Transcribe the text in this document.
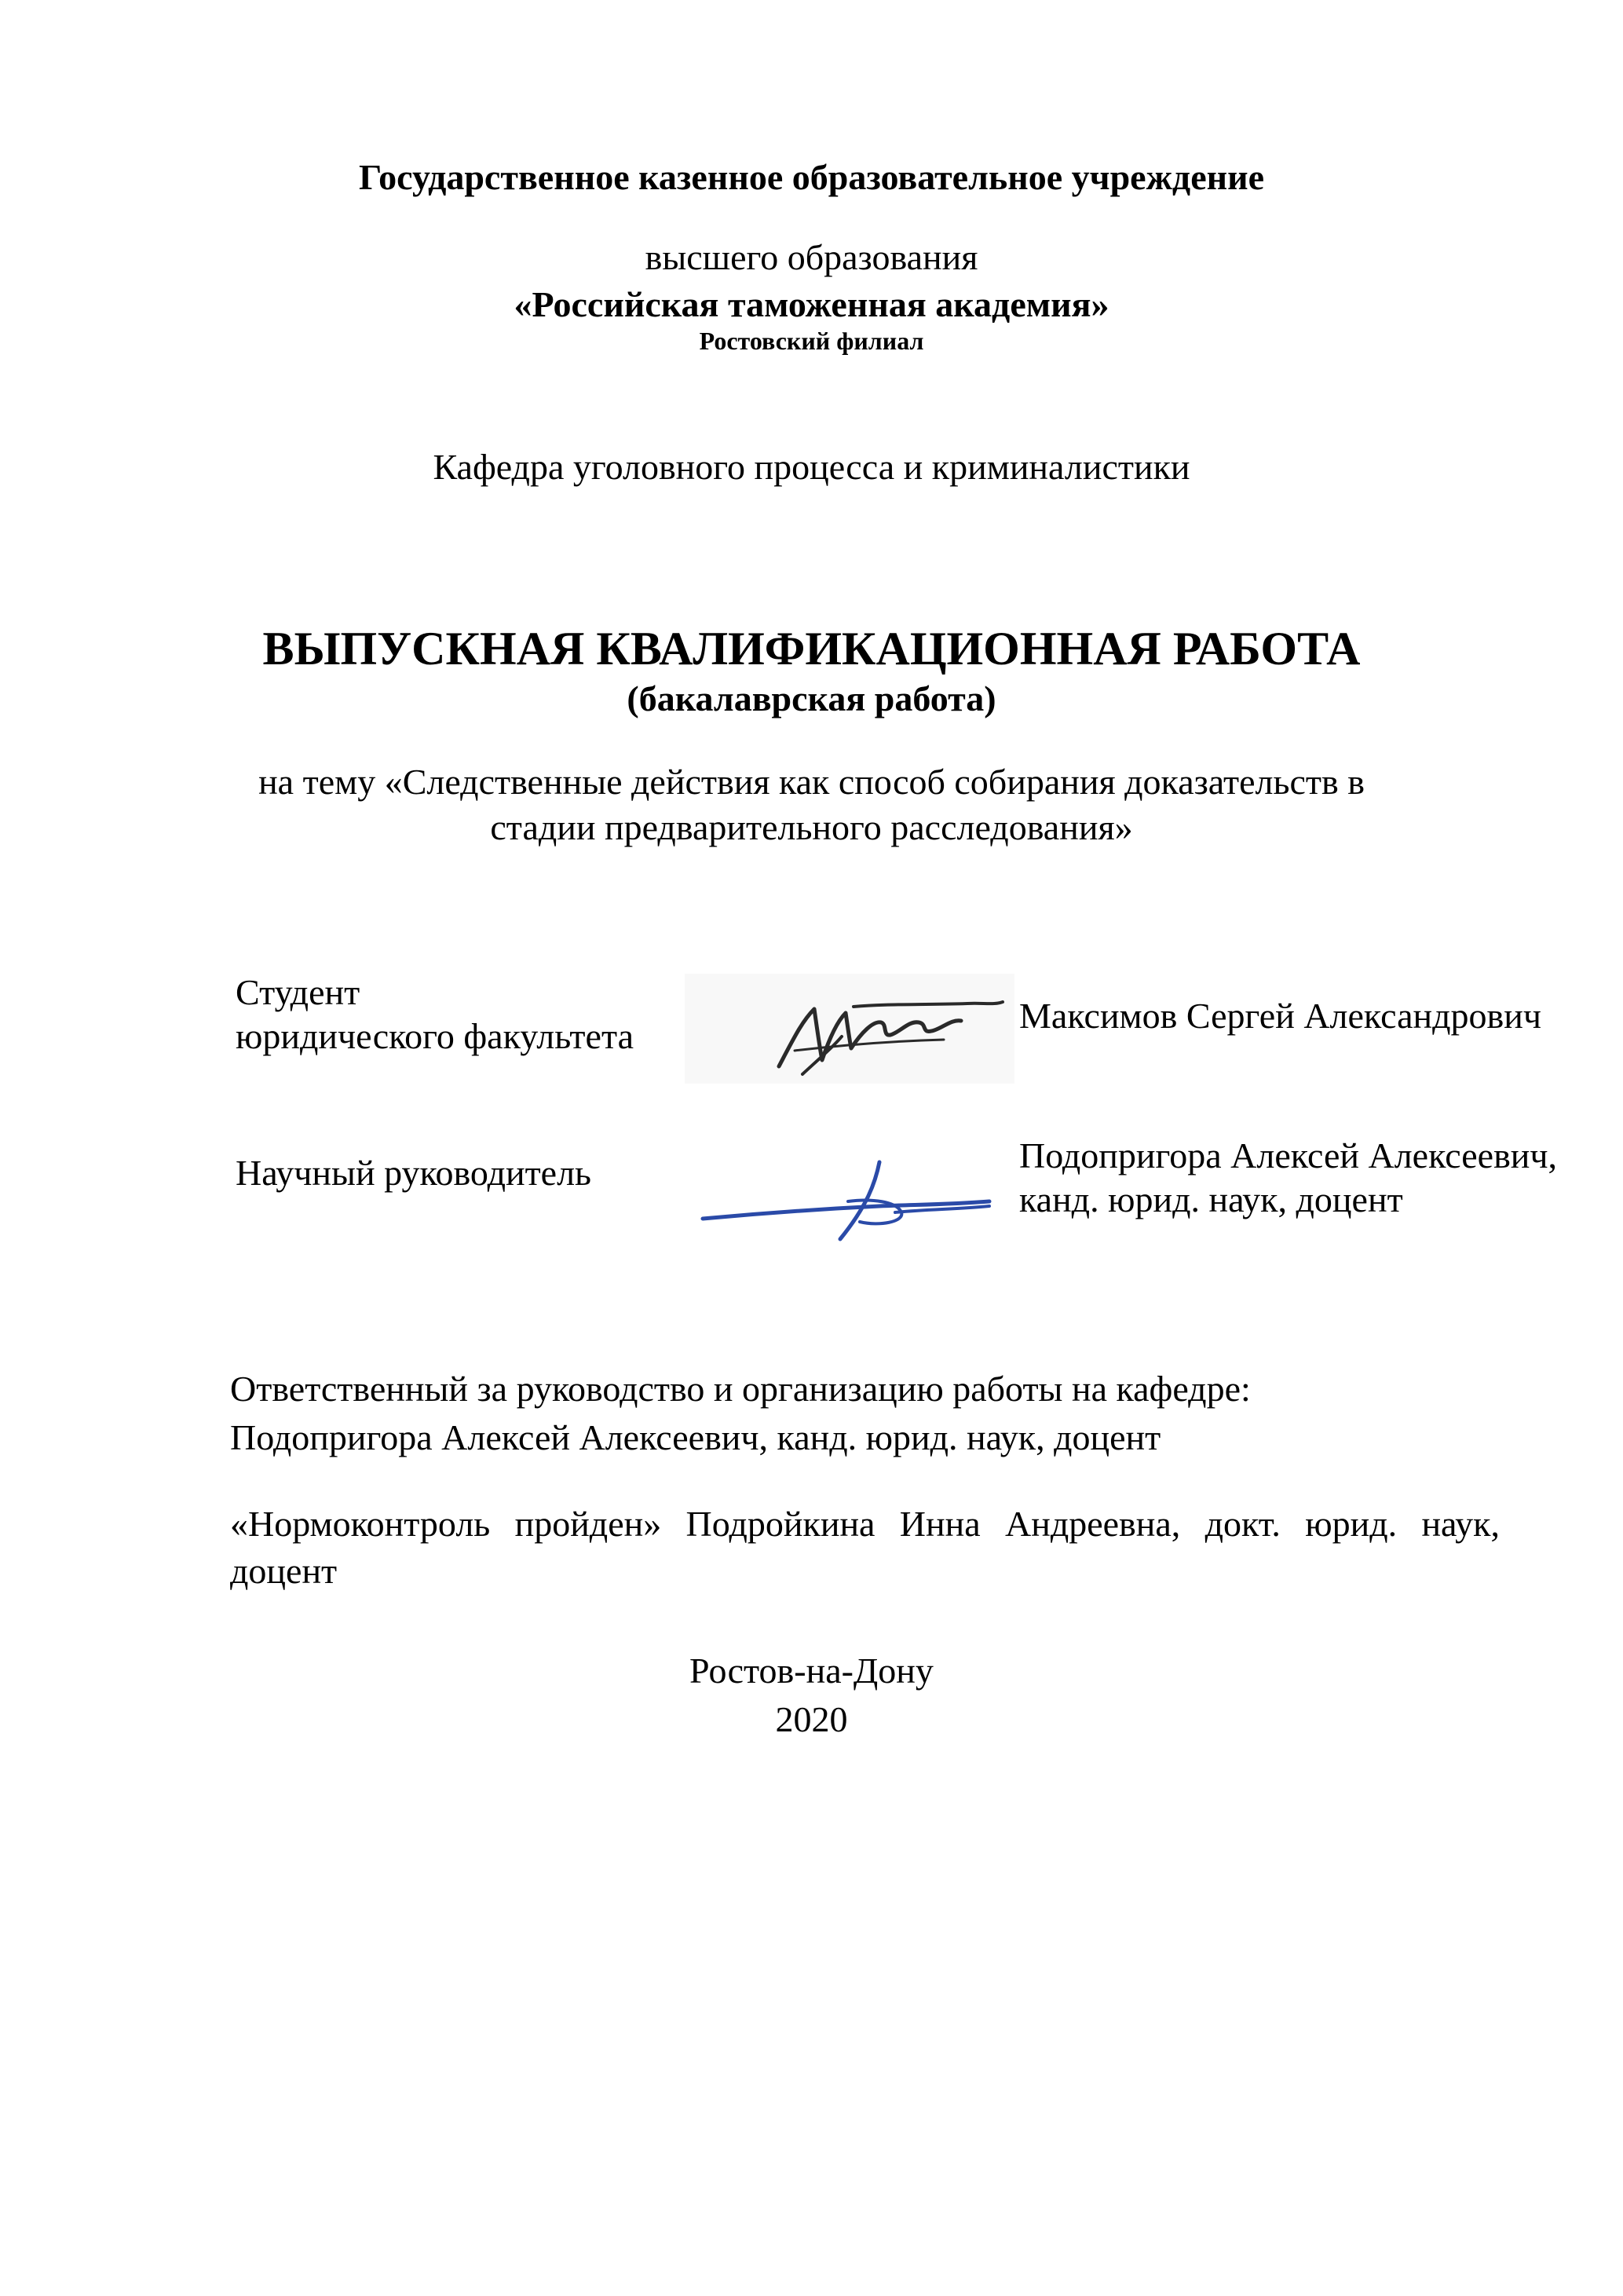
Государственное казенное образовательное учреждение
высшего образования
«Российская таможенная академия»
Ростовский филиал
Кафедра уголовного процесса и криминалистики
ВЫПУСКНАЯ КВАЛИФИКАЦИОННАЯ РАБОТА
(бакалаврская работа)
на тему «Следственные действия как способ собирания доказательств в
стадии предварительного расследования»
Студент
юридического факультета
Максимов Сергей Александрович
Научный руководитель	Подопригора Алексей Алексеевич,
канд. юрид. наук, доцент
Ответственный за руководство и организацию работы на кафедре:
Подопригора Алексей Алексеевич, канд. юрид. наук, доцент
«Нормоконтроль пройден» Подройкина Инна Андреевна, докт. юрид. наук,
доцент
Ростов-на-Дону
2020
